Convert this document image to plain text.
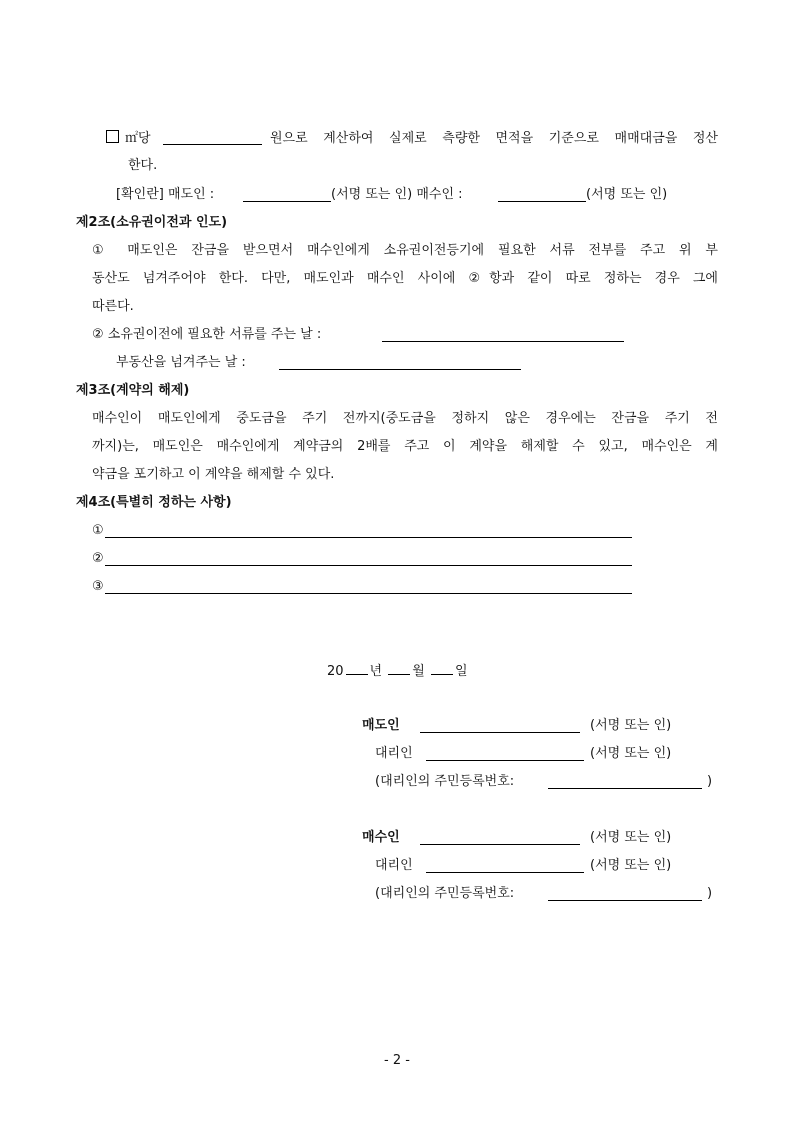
㎡당	원으로 계산하여 실제로 측량한 면적을 기준으로 매매대금을 정산
한다.
[확인란] 매도인 :	(서명 또는 인) 매수인 :	(서명 또는 인)
제2조(소유권이전과 인도)
① 매도인은 잔금을 받으면서 매수인에게 소유권이전등기에 필요한 서류 전부를 주고 위 부
동산도 넘겨주어야 한다. 다만, 매도인과 매수인 사이에 ②항과 같이 따로 정하는 경우 그에
따른다.
② 소유권이전에 필요한 서류를 주는 날 :
부동산을 넘겨주는 날 :
제3조(계약의 해제)
매수인이 매도인에게 중도금을 주기 전까지(중도금을 정하지 않은 경우에는 잔금을 주기 전
까지)는, 매도인은 매수인에게 계약금의 2배를 주고 이 계약을 해제할 수 있고, 매수인은 계
약금을 포기하고 이 계약을 해제할 수 있다.
제4조(특별히 정하는 사항)
①
②
③
20 년 월 일
매도인	(서명 또는 인)
대리인	(서명 또는 인)
(대리인의 주민등록번호:	)
매수인	(서명 또는 인)
대리인	(서명 또는 인)
(대리인의 주민등록번호:	)
- 2 -
